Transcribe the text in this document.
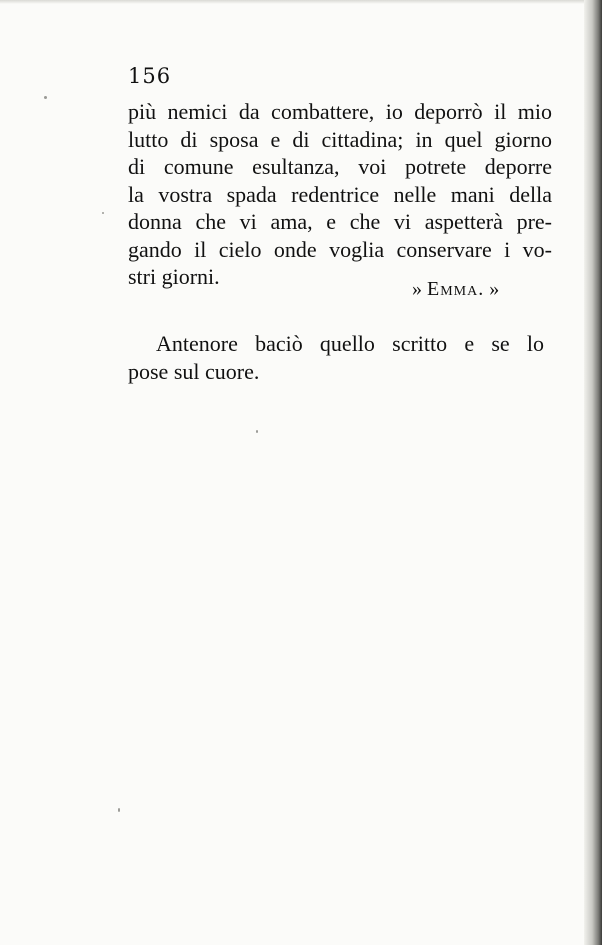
156
più nemici da combattere, io deporrò il mio
lutto di sposa e di cittadina; in quel giorno
di comune esultanza, voi potrete deporre
la vostra spada redentrice nelle mani della
donna che vi ama, e che vi aspetterà pre-
gando il cielo onde voglia conservare i vo-
stri giorni.	» Emma. »
Antenore baciò quello scritto e se lo
pose sul cuore.
